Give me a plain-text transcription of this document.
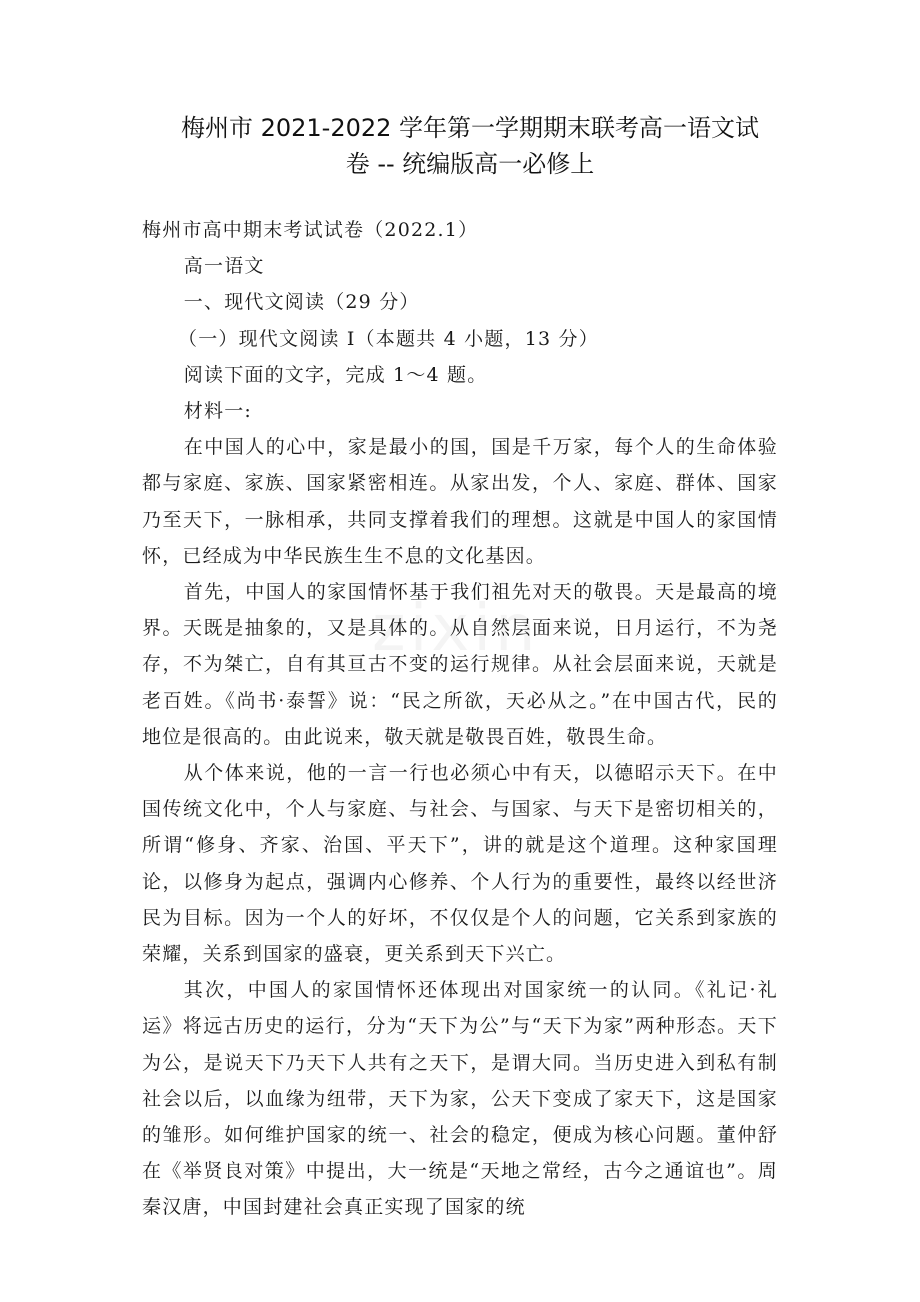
梅州市 2021-2022 学年第一学期期末联考高一语文试
卷 -- 统编版高一必修上

梅州市高中期末考试试卷（2022.1）

高一语文

一、现代文阅读（29 分）

（一）现代文阅读 I（本题共 4 小题，13 分）

阅读下面的文字，完成 1～4 题。

材料一:

在中国人的心中，家是最小的国，国是千万家，每个人的生命体验都与家庭、家族、国家紧密相连。从家出发，个人、家庭、群体、国家乃至天下，一脉相承，共同支撑着我们的理想。这就是中国人的家国情怀，已经成为中华民族生生不息的文化基因。

首先，中国人的家国情怀基于我们祖先对天的敬畏。天是最高的境界。天既是抽象的，又是具体的。从自然层面来说，日月运行，不为尧存，不为桀亡，自有其亘古不变的运行规律。从社会层面来说，天就是老百姓。《尚书·泰誓》说：“民之所欲，天必从之。”在中国古代，民的地位是很高的。由此说来，敬天就是敬畏百姓，敬畏生命。

从个体来说，他的一言一行也必须心中有天，以德昭示天下。在中国传统文化中，个人与家庭、与社会、与国家、与天下是密切相关的，所谓“修身、齐家、治国、平天下”，讲的就是这个道理。这种家国理论，以修身为起点，强调内心修养、个人行为的重要性，最终以经世济民为目标。因为一个人的好坏，不仅仅是个人的问题，它关系到家族的荣耀，关系到国家的盛衰，更关系到天下兴亡。

其次，中国人的家国情怀还体现出对国家统一的认同。《礼记·礼运》将远古历史的运行，分为“天下为公”与“天下为家”两种形态。天下为公，是说天下乃天下人共有之天下，是谓大同。当历史进入到私有制社会以后，以血缘为纽带，天下为家，公天下变成了家天下，这是国家的雏形。如何维护国家的统一、社会的稳定，便成为核心问题。董仲舒在《举贤良对策》中提出，大一统是“天地之常经，古今之通谊也”。周秦汉唐，中国封建社会真正实现了国家的统
